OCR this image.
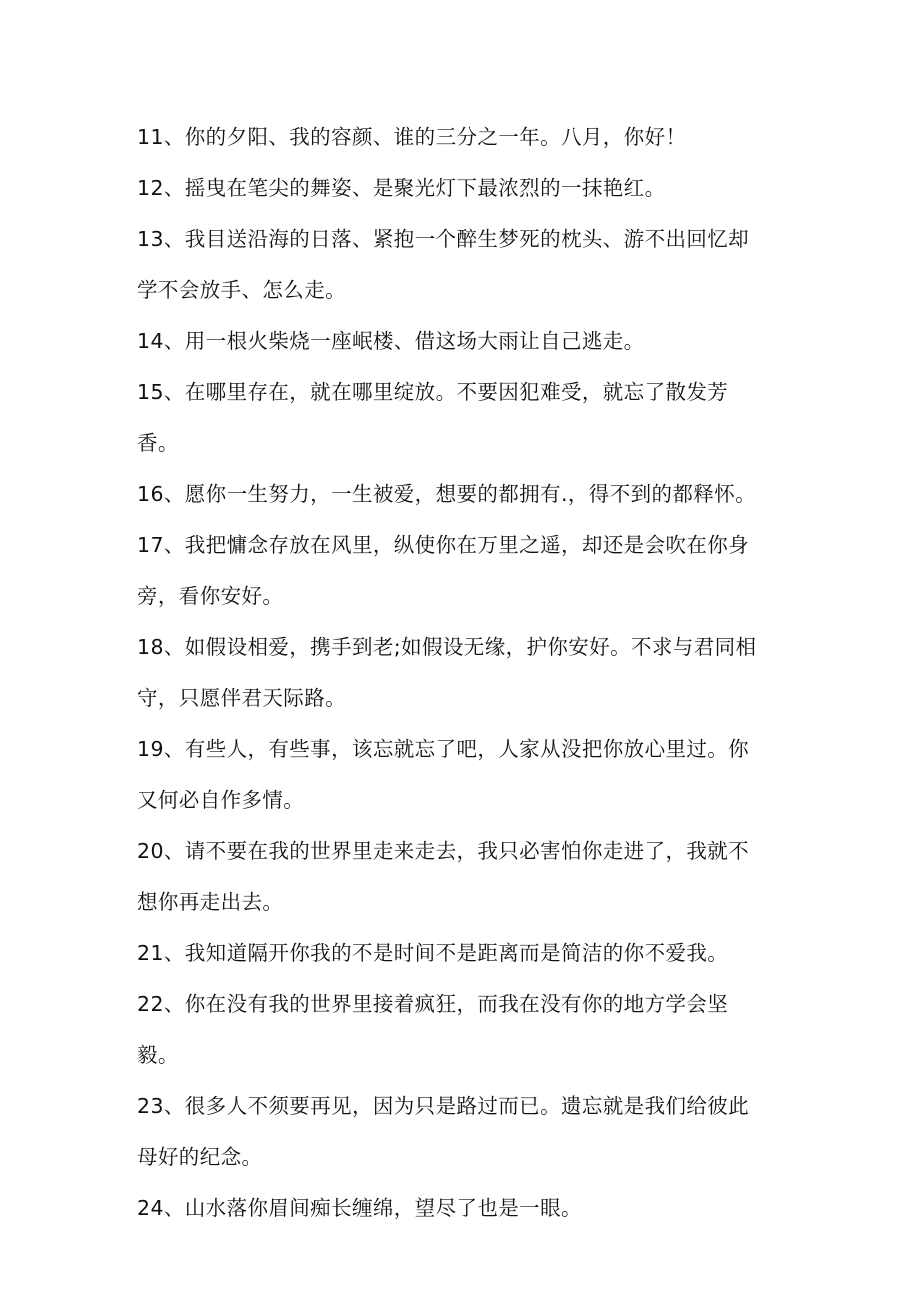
11、你的夕阳、我的容颜、谁的三分之一年。八月，你好！
12、摇曳在笔尖的舞姿、是聚光灯下最浓烈的一抹艳红。
13、我目送沿海的日落、紧抱一个醉生梦死的枕头、游不出回忆却
学不会放手、怎么走。
14、用一根火柴烧一座岷楼、借这场大雨让自己逃走。
15、在哪里存在，就在哪里绽放。不要因犯难受，就忘了散发芳
香。
16、愿你一生努力，一生被爱，想要的都拥有.，得不到的都释怀。
17、我把慵念存放在风里，纵使你在万里之遥，却还是会吹在你身
旁，看你安好。
18、如假设相爱，携手到老;如假设无缘，护你安好。不求与君同相
守，只愿伴君天际路。
19、有些人，有些事，该忘就忘了吧，人家从没把你放心里过。你
又何必自作多情。
20、请不要在我的世界里走来走去，我只必害怕你走进了，我就不
想你再走出去。
21、我知道隔开你我的不是时间不是距离而是简洁的你不爱我。
22、你在没有我的世界里接着疯狂，而我在没有你的地方学会坚
毅。
23、很多人不须要再见，因为只是路过而已。遗忘就是我们给彼此
母好的纪念。
24、山水落你眉间痴长缠绵，望尽了也是一眼。
